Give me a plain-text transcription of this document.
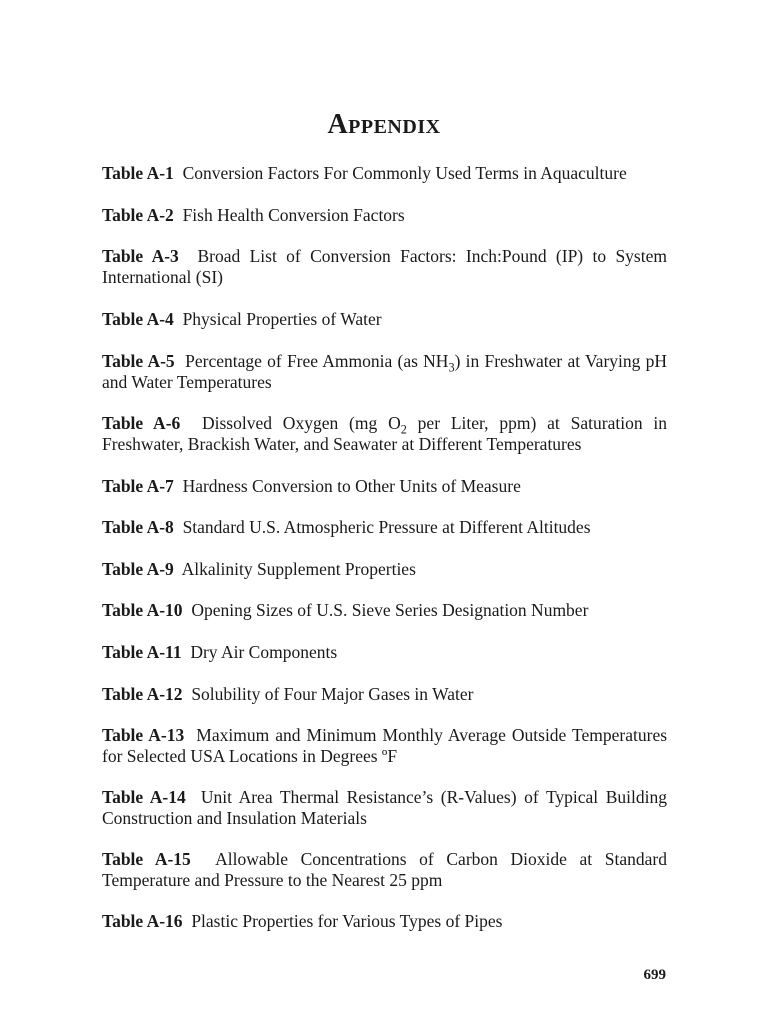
Appendix

Table A-1 Conversion Factors For Commonly Used Terms in Aquaculture

Table A-2 Fish Health Conversion Factors

Table A-3 Broad List of Conversion Factors: Inch:Pound (IP) to System International (SI)

Table A-4 Physical Properties of Water

Table A-5 Percentage of Free Ammonia (as $NH_3$) in Freshwater at Varying pH and Water Temperatures

Table A-6 Dissolved Oxygen (mg $O_2$ per Liter, ppm) at Saturation in Freshwater, Brackish Water, and Seawater at Different Temperatures

Table A-7 Hardness Conversion to Other Units of Measure

Table A-8 Standard U.S. Atmospheric Pressure at Different Altitudes

Table A-9 Alkalinity Supplement Properties

Table A-10 Opening Sizes of U.S. Sieve Series Designation Number

Table A-11 Dry Air Components

Table A-12 Solubility of Four Major Gases in Water

Table A-13 Maximum and Minimum Monthly Average Outside Temperatures for Selected USA Locations in Degrees ºF

Table A-14 Unit Area Thermal Resistance’s (R-Values) of Typical Building Construction and Insulation Materials

Table A-15 Allowable Concentrations of Carbon Dioxide at Standard Temperature and Pressure to the Nearest 25 ppm

Table A-16 Plastic Properties for Various Types of Pipes

699
